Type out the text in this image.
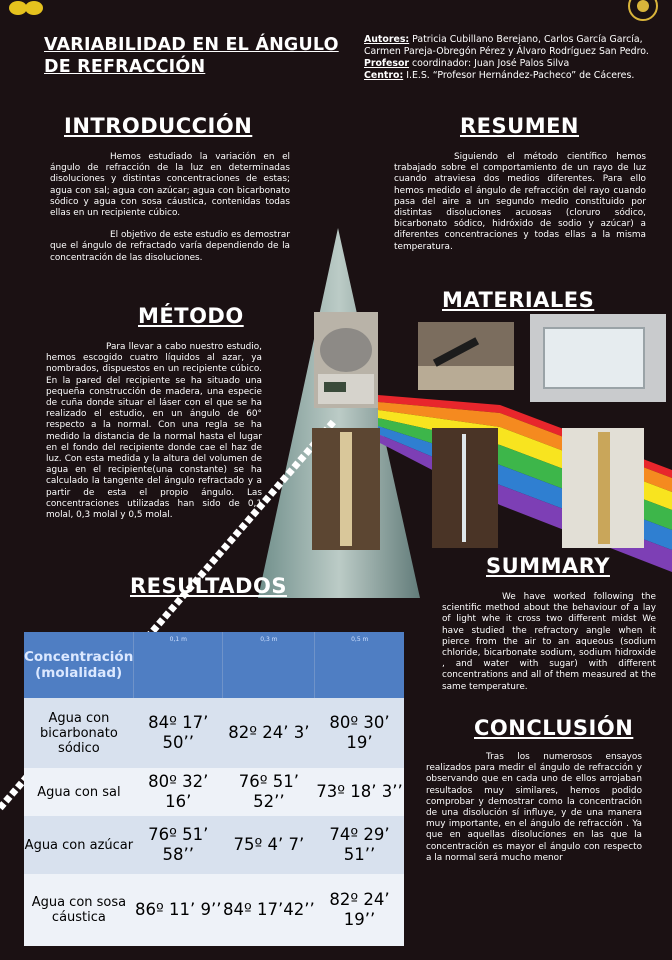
VARIABILIDAD EN EL ÁNGULO DE REFRACCIÓN
Autores: Patricia Cubillano Berejano, Carlos García García, Carmen Pareja-Obregón Pérez y Álvaro Rodríguez San Pedro.
Profesor coordinador: Juan José Palos Silva
Centro: I.E.S. “Profesor Hernández-Pacheco” de Cáceres.
INTRODUCCIÓN
Hemos estudiado la variación en el ángulo de refracción de la luz en determinadas disoluciones y distintas concentraciones de estas; agua con sal; agua con azúcar; agua con bicarbonato sódico y agua con sosa cáustica, contenidas todas ellas en un recipiente cúbico.
El objetivo de este estudio es demostrar que el ángulo de refractado varía dependiendo de la concentración de las disoluciones.
RESUMEN
Siguiendo el método científico hemos trabajado sobre el comportamiento de un rayo de luz cuando atraviesa dos medios diferentes. Para ello hemos medido el ángulo de refracción del rayo cuando pasa del aire a un segundo medio constituido por distintas disoluciones acuosas (cloruro sódico, bicarbonato sódico, hidróxido de sodio y azúcar) a diferentes concentraciones y todas ellas a la misma temperatura.
MÉTODO
Para llevar a cabo nuestro estudio, hemos escogido cuatro líquidos al azar, ya nombrados, dispuestos en un recipiente cúbico. En la pared del recipiente se ha situado una pequeña construcción de madera, una especie de cuña donde situar el láser con el que se ha realizado el estudio, en un ángulo de 60° respecto a la normal. Con una regla se ha medido la distancia de la normal hasta el lugar en el fondo del recipiente donde cae el haz de luz. Con esta medida y la altura del volumen de agua en el recipiente(una constante) se ha calculado la tangente del ángulo refractado y a partir de esta el propio ángulo. Las concentraciones utilizadas han sido de 0,1 molal, 0,3 molal y 0,5 molal.
MATERIALES
SUMMARY
We have worked following the scientific method about the behaviour of a lay of light whe it cross two different midst We have studied the refractory angle when it pierce from the air to an aqueous (sodium chloride, bicarbonate sodium, sodium hidroxide , and water with sugar) with different concentrations and all of them measured at the same temperature.
CONCLUSIÓN
Tras los numerosos ensayos realizados para medir el ángulo de refracción y observando que en cada uno de ellos arrojaban resultados muy similares, hemos podido comprobar y demostrar como la concentración de una disolución sí influye, y de una manera muy importante, en el ángulo de refracción . Ya que en aquellas disoluciones en las que la concentración es mayor el ángulo con respecto a la normal será mucho menor
RESULTADOS
Concentración (molalidad)	0,1 m	0,3 m	0,5 m
Agua con bicarbonato sódico	84º 17’ 50’’	82º 24’ 3’	80º 30’ 19’
Agua con sal	80º 32’ 16’	76º 51’ 52’’	73º 18’ 3’’
Agua con azúcar	76º 51’ 58’’	75º 4’ 7’	74º 29’ 51’’
Agua con sosa cáustica	86º 11’ 9’’	84º 17’42’’	82º 24’ 19’’
